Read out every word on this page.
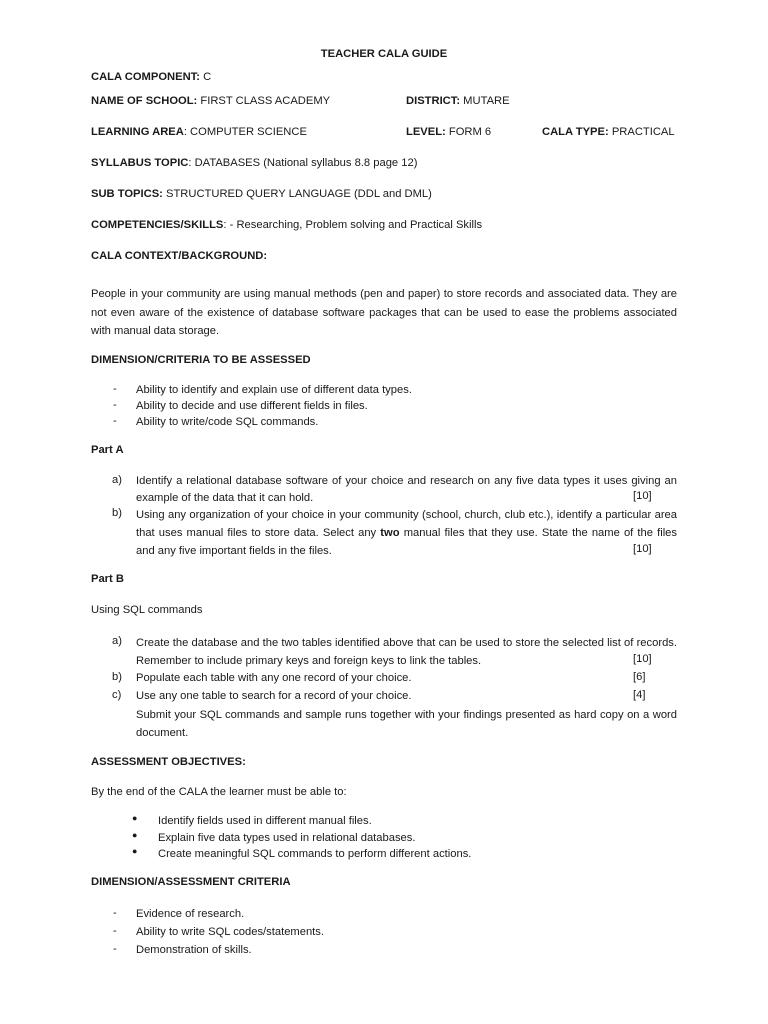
TEACHER CALA GUIDE
CALA COMPONENT: C
NAME OF SCHOOL: FIRST CLASS ACADEMY	DISTRICT: MUTARE
LEARNING AREA: COMPUTER SCIENCE	LEVEL: FORM 6	CALA TYPE: PRACTICAL
SYLLABUS TOPIC: DATABASES (National syllabus 8.8 page 12)
SUB TOPICS: STRUCTURED QUERY LANGUAGE (DDL and DML)
COMPETENCIES/SKILLS: - Researching, Problem solving and Practical Skills
CALA CONTEXT/BACKGROUND:
People in your community are using manual methods (pen and paper) to store records and associated data. They are not even aware of the existence of database software packages that can be used to ease the problems associated with manual data storage.
DIMENSION/CRITERIA TO BE ASSESSED
- Ability to identify and explain use of different data types.
- Ability to decide and use different fields in files.
- Ability to write/code SQL commands.
Part A
a) Identify a relational database software of your choice and research on any five data types it uses giving an example of the data that it can hold.	[10]
b) Using any organization of your choice in your community (school, church, club etc.), identify a particular area that uses manual files to store data. Select any two manual files that they use. State the name of the files and any five important fields in the files.	[10]
Part B
Using SQL commands
a) Create the database and the two tables identified above that can be used to store the selected list of records. Remember to include primary keys and foreign keys to link the tables.	[10]
b) Populate each table with any one record of your choice.	[6]
c) Use any one table to search for a record of your choice.	[4]
Submit your SQL commands and sample runs together with your findings presented as hard copy on a word document.
ASSESSMENT OBJECTIVES:
By the end of the CALA the learner must be able to:
● Identify fields used in different manual files.
● Explain five data types used in relational databases.
● Create meaningful SQL commands to perform different actions.
DIMENSION/ASSESSMENT CRITERIA
- Evidence of research.
- Ability to write SQL codes/statements.
- Demonstration of skills.
